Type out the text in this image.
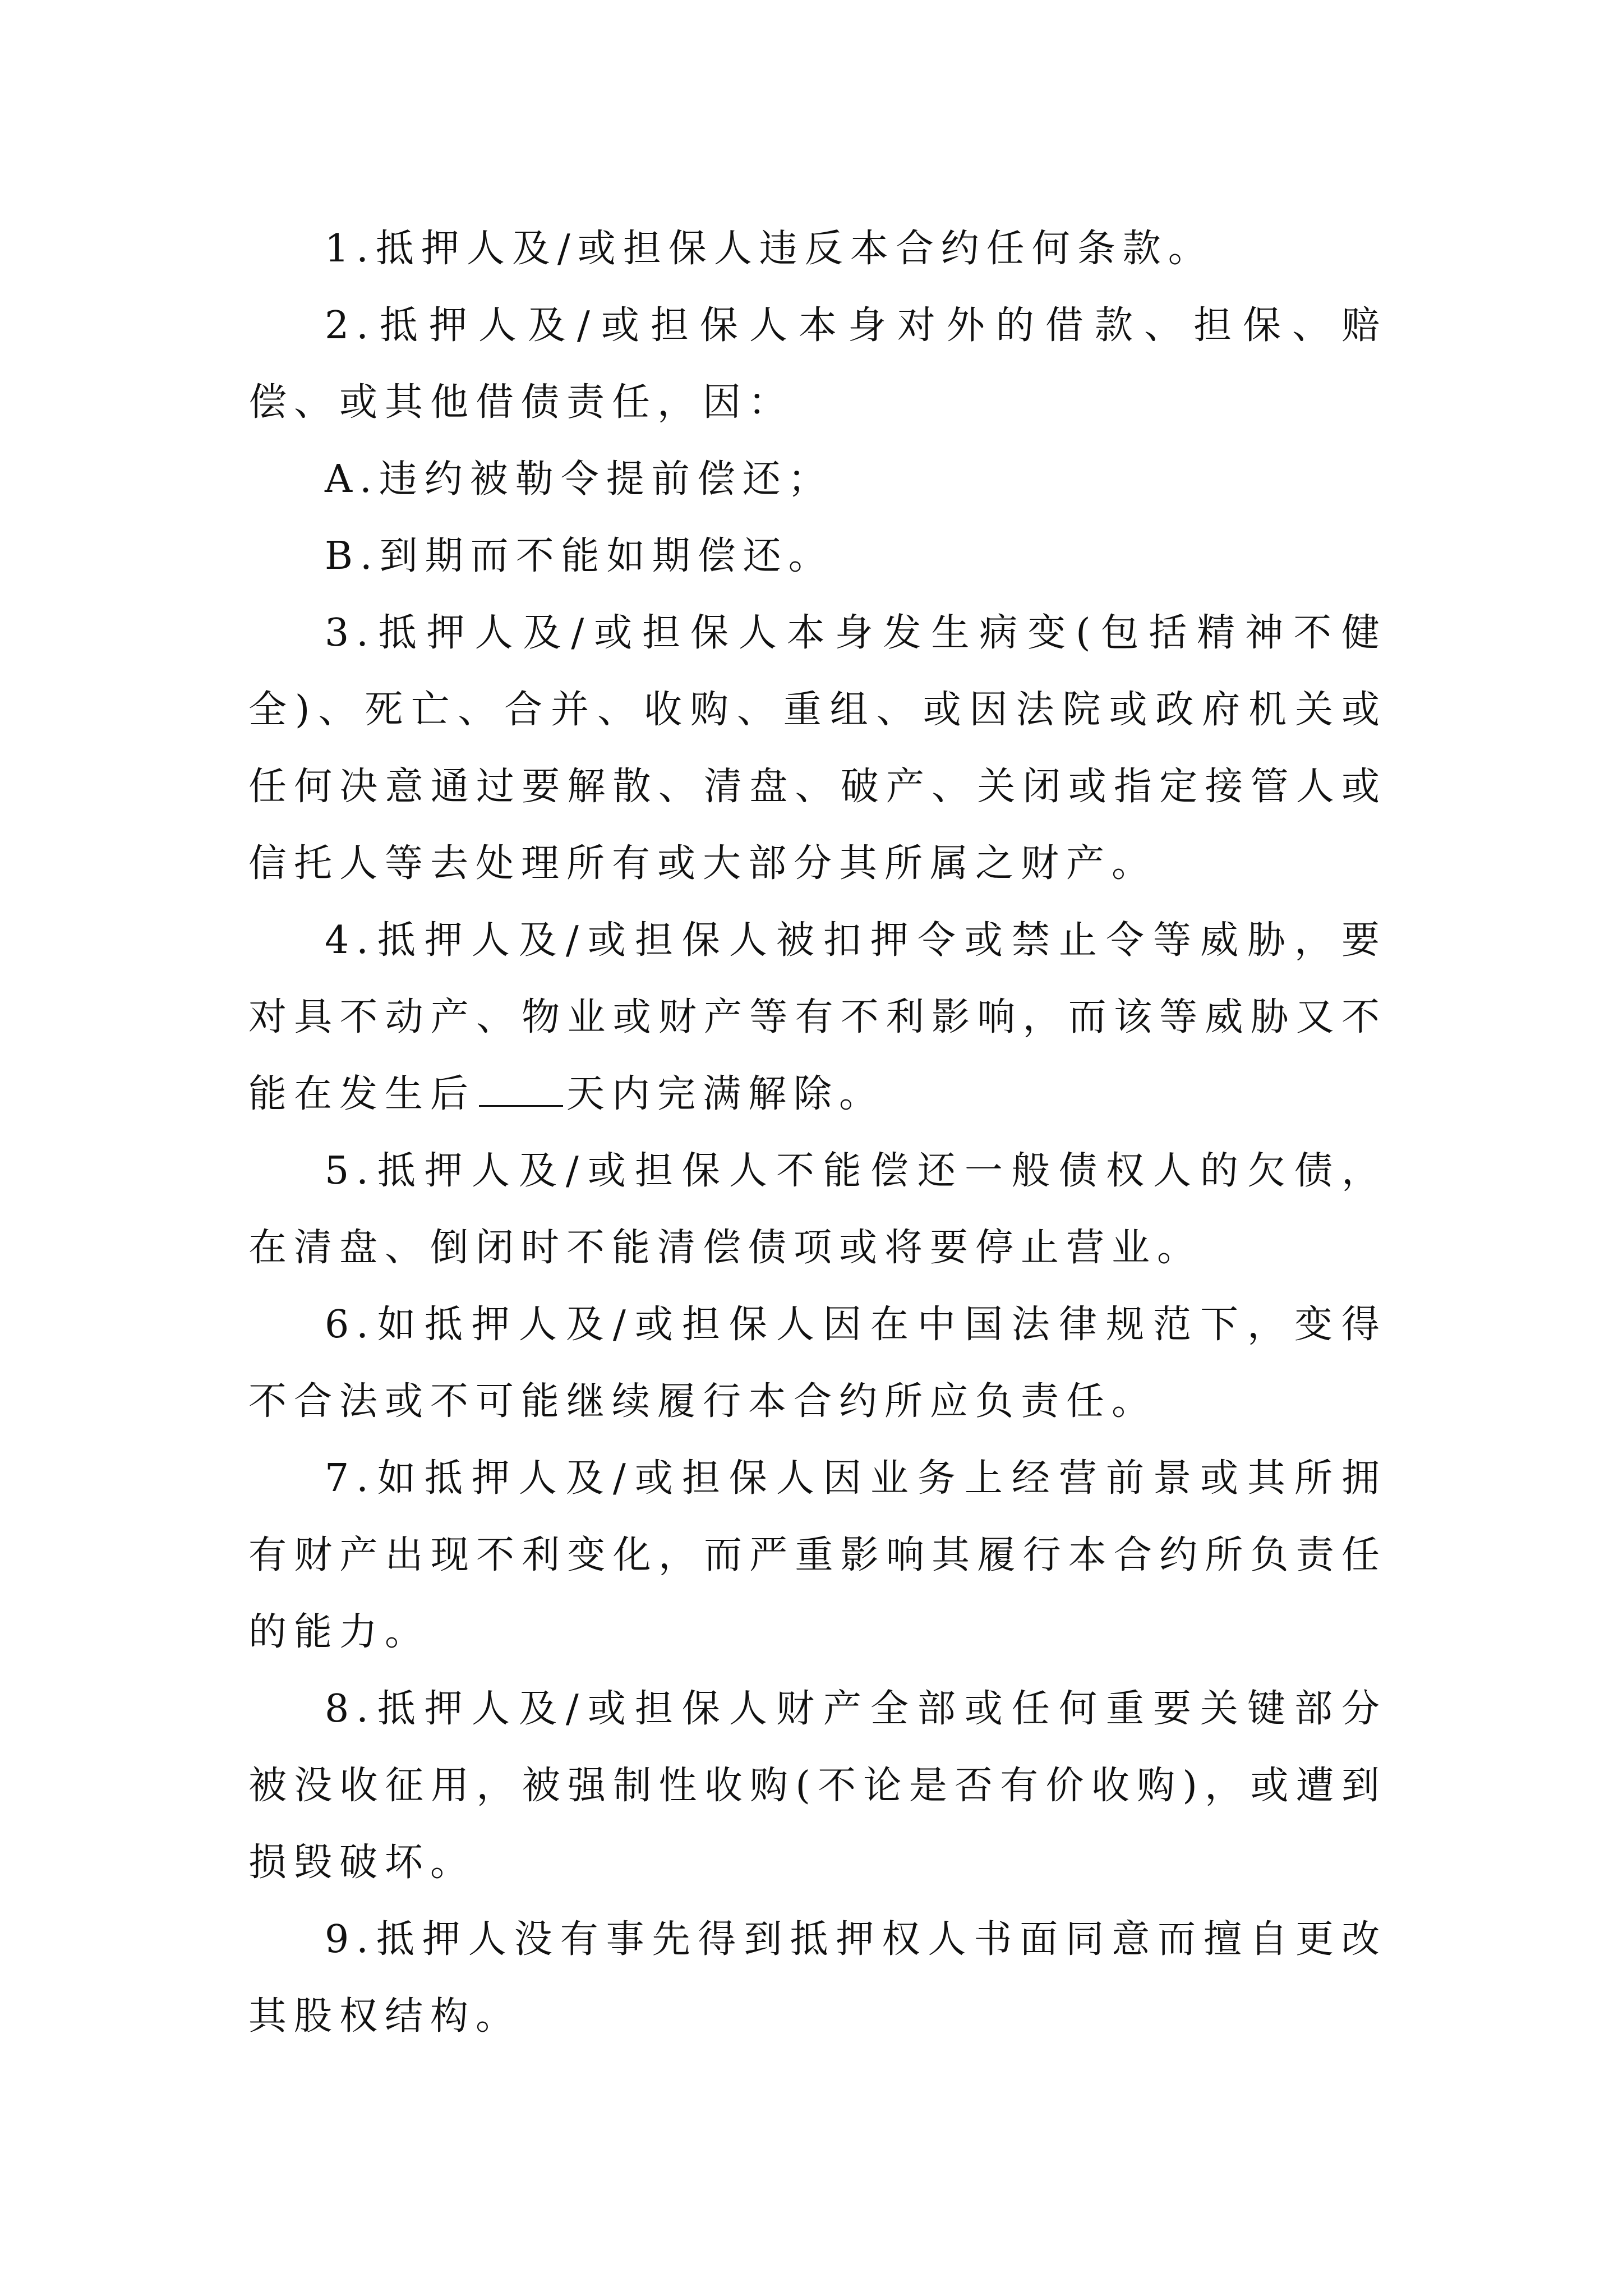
1.抵押人及/或担保人违反本合约任何条款。

2.抵押人及/或担保人本身对外的借款、担保、赔偿、或其他借债责任，因：

A.违约被勒令提前偿还；

B.到期而不能如期偿还。

3.抵押人及/或担保人本身发生病变(包括精神不健全)、死亡、合并、收购、重组、或因法院或政府机关或任何决意通过要解散、清盘、破产、关闭或指定接管人或信托人等去处理所有或大部分其所属之财产。

4.抵押人及/或担保人被扣押令或禁止令等威胁，要对具不动产、物业或财产等有不利影响，而该等威胁又不能在发生后 天内完满解除。

5.抵押人及/或担保人不能偿还一般债权人的欠债，在清盘、倒闭时不能清偿债项或将要停止营业。

6.如抵押人及/或担保人因在中国法律规范下，变得不合法或不可能继续履行本合约所应负责任。

7.如抵押人及/或担保人因业务上经营前景或其所拥有财产出现不利变化，而严重影响其履行本合约所负责任的能力。

8.抵押人及/或担保人财产全部或任何重要关键部分被没收征用，被强制性收购(不论是否有价收购)，或遭到损毁破坏。

9.抵押人没有事先得到抵押权人书面同意而擅自更改其股权结构。
